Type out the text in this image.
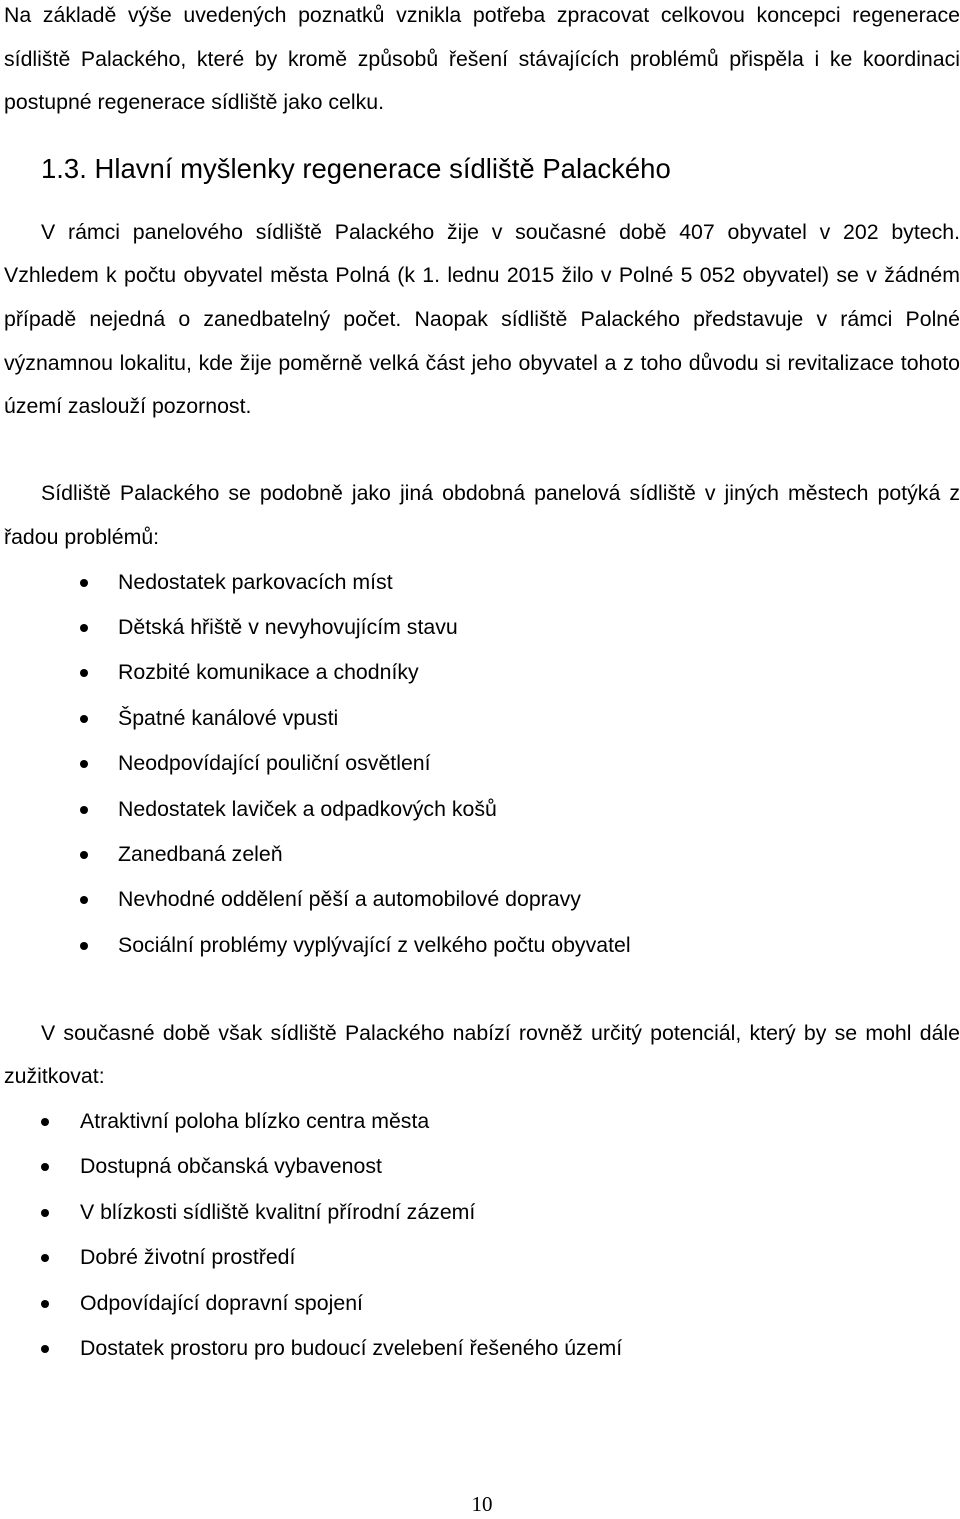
Na základě výše uvedených poznatků vznikla potřeba zpracovat celkovou koncepci regenerace sídliště Palackého, které by kromě způsobů řešení stávajících problémů přispěla i ke koordinaci postupné regenerace sídliště jako celku.

1.3. Hlavní myšlenky regenerace sídliště Palackého

V rámci panelového sídliště Palackého žije v současné době 407 obyvatel v 202 bytech. Vzhledem k počtu obyvatel města Polná (k 1. lednu 2015 žilo v Polné 5 052 obyvatel) se v žádném případě nejedná o zanedbatelný počet. Naopak sídliště Palackého představuje v rámci Polné významnou lokalitu, kde žije poměrně velká část jeho obyvatel a z toho důvodu si revitalizace tohoto území zaslouží pozornost.

Sídliště Palackého se podobně jako jiná obdobná panelová sídliště v jiných městech potýká z řadou problémů:

Nedostatek parkovacích míst
Dětská hřiště v nevyhovujícím stavu
Rozbité komunikace a chodníky
Špatné kanálové vpusti
Neodpovídající pouliční osvětlení
Nedostatek laviček a odpadkových košů
Zanedbaná zeleň
Nevhodné oddělení pěší a automobilové dopravy
Sociální problémy vyplývající z velkého počtu obyvatel

V současné době však sídliště Palackého nabízí rovněž určitý potenciál, který by se mohl dále zužitkovat:

Atraktivní poloha blízko centra města
Dostupná občanská vybavenost
V blízkosti sídliště kvalitní přírodní zázemí
Dobré životní prostředí
Odpovídající dopravní spojení
Dostatek prostoru pro budoucí zvelebení řešeného území
10
